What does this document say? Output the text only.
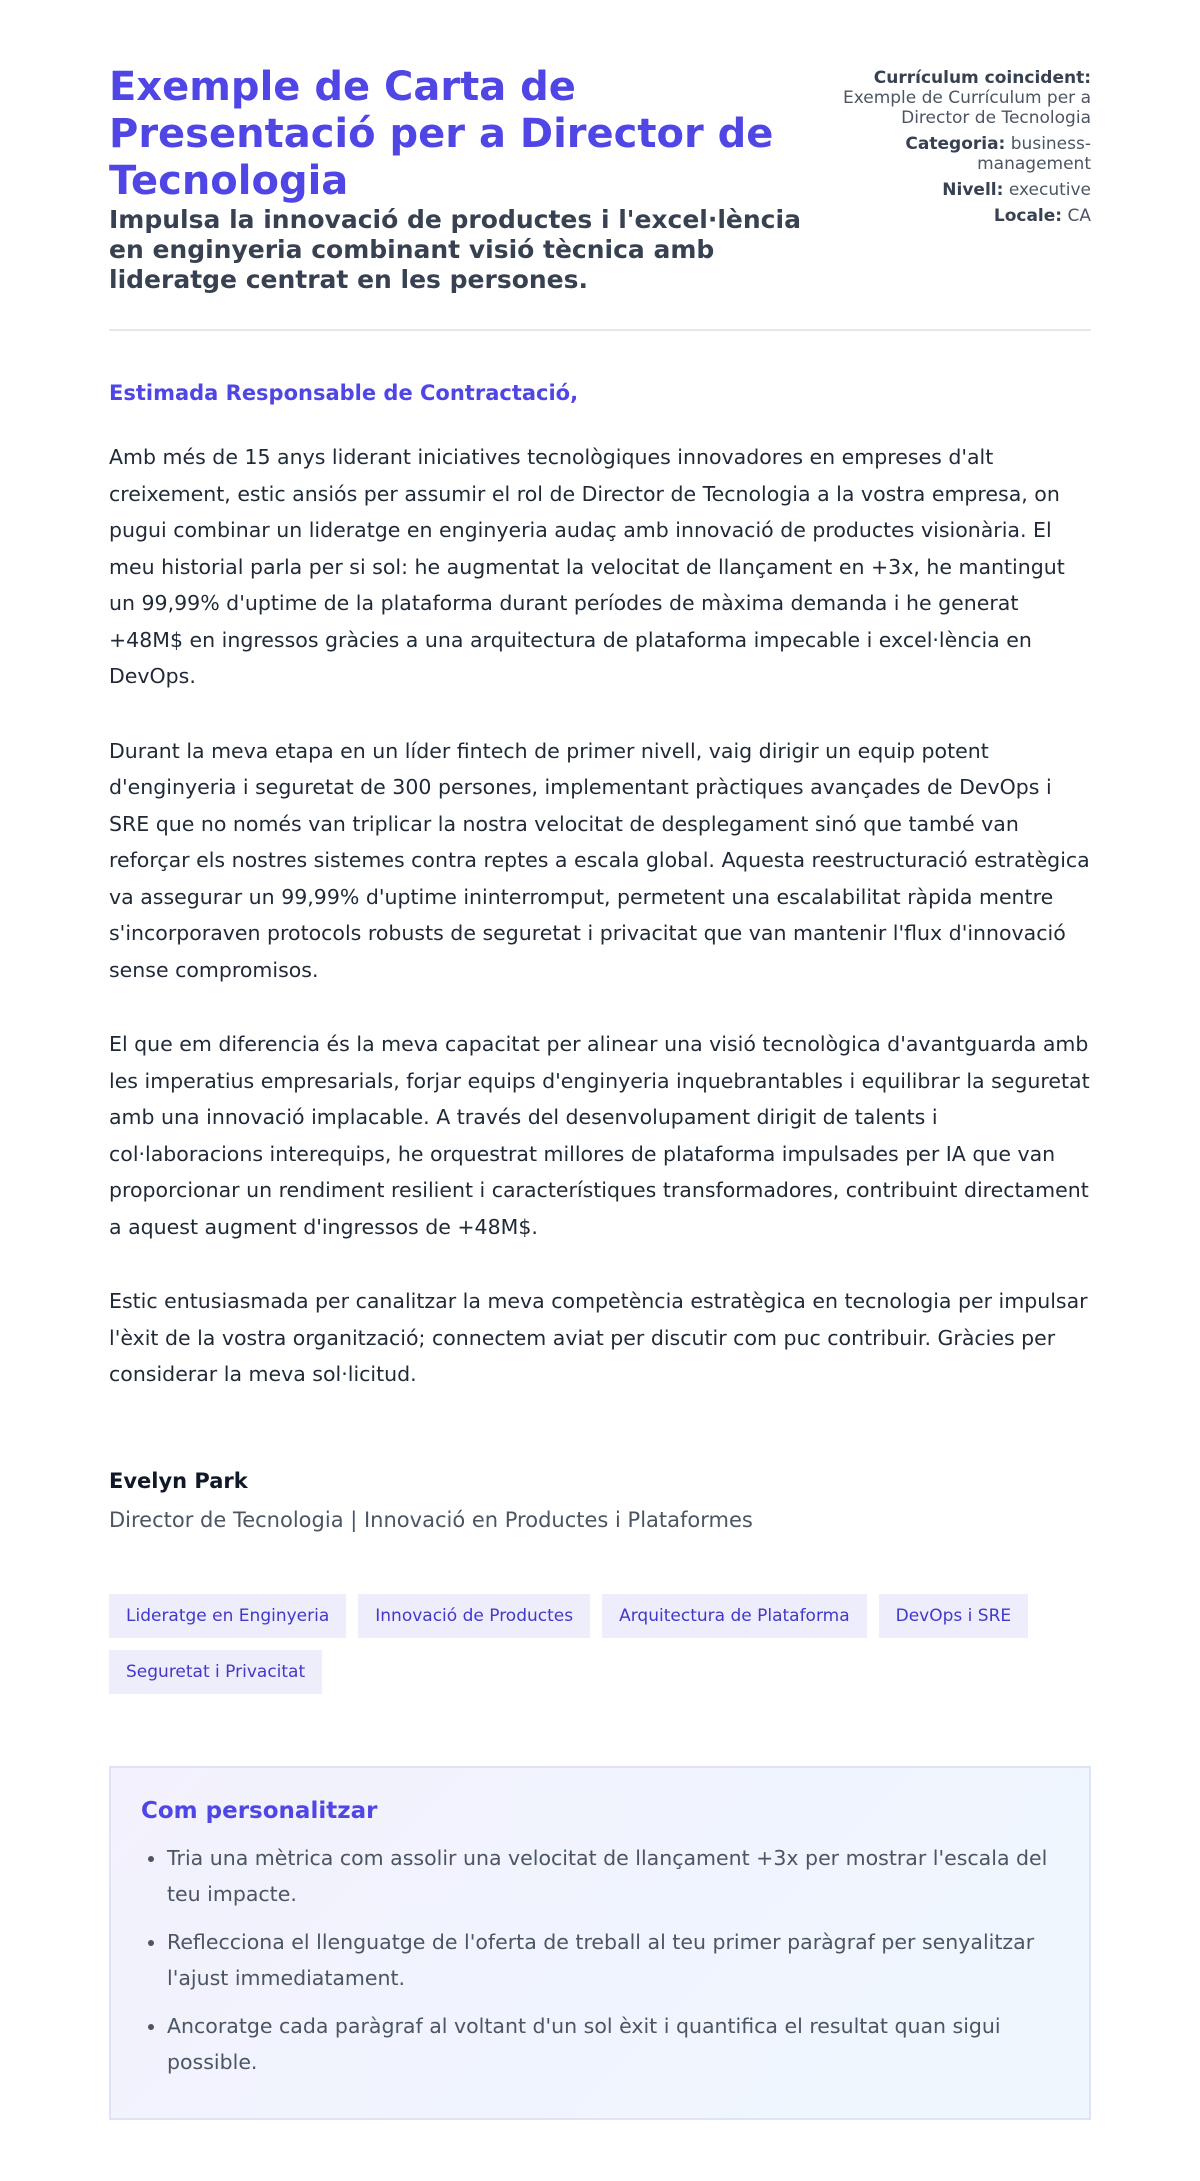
Exemple de Carta de Presentació per a Director de Tecnologia
Impulsa la innovació de productes i l'excel·lència en enginyeria combinant visió tècnica amb lideratge centrat en les persones.
Currículum coincident:
Exemple de Currículum per a Director de Tecnologia
Categoria: business-management
Nivell: executive
Locale: CA

Estimada Responsable de Contractació,

Amb més de 15 anys liderant iniciatives tecnològiques innovadores en empreses d'alt creixement, estic ansiós per assumir el rol de Director de Tecnologia a la vostra empresa, on pugui combinar un lideratge en enginyeria audaç amb innovació de productes visionària. El meu historial parla per si sol: he augmentat la velocitat de llançament en +3x, he mantingut un 99,99% d'uptime de la plataforma durant períodes de màxima demanda i he generat +48M$ en ingressos gràcies a una arquitectura de plataforma impecable i excel·lència en DevOps.

Durant la meva etapa en un líder fintech de primer nivell, vaig dirigir un equip potent d'enginyeria i seguretat de 300 persones, implementant pràctiques avançades de DevOps i SRE que no només van triplicar la nostra velocitat de desplegament sinó que també van reforçar els nostres sistemes contra reptes a escala global. Aquesta reestructuració estratègica va assegurar un 99,99% d'uptime ininterromput, permetent una escalabilitat ràpida mentre s'incorporaven protocols robusts de seguretat i privacitat que van mantenir l'flux d'innovació sense compromisos.

El que em diferencia és la meva capacitat per alinear una visió tecnològica d'avantguarda amb les imperatius empresarials, forjar equips d'enginyeria inquebrantables i equilibrar la seguretat amb una innovació implacable. A través del desenvolupament dirigit de talents i col·laboracions interequips, he orquestrat millores de plataforma impulsades per IA que van proporcionar un rendiment resilient i característiques transformadores, contribuint directament a aquest augment d'ingressos de +48M$.

Estic entusiasmada per canalitzar la meva competència estratègica en tecnologia per impulsar l'èxit de la vostra organització; connectem aviat per discutir com puc contribuir. Gràcies per considerar la meva sol·licitud.

Evelyn Park

Director de Tecnologia | Innovació en Productes i Plataformes

Lideratge en Enginyeria	Innovació de Productes	Arquitectura de Plataforma	DevOps i SRE
Seguretat i Privacitat
Com personalitzar
• Tria una mètrica com assolir una velocitat de llançament +3x per mostrar l'escala del teu impacte.
• Reflecciona el llenguatge de l'oferta de treball al teu primer paràgraf per senyalitzar l'ajust immediatament.
• Ancoratge cada paràgraf al voltant d'un sol èxit i quantifica el resultat quan sigui possible.
